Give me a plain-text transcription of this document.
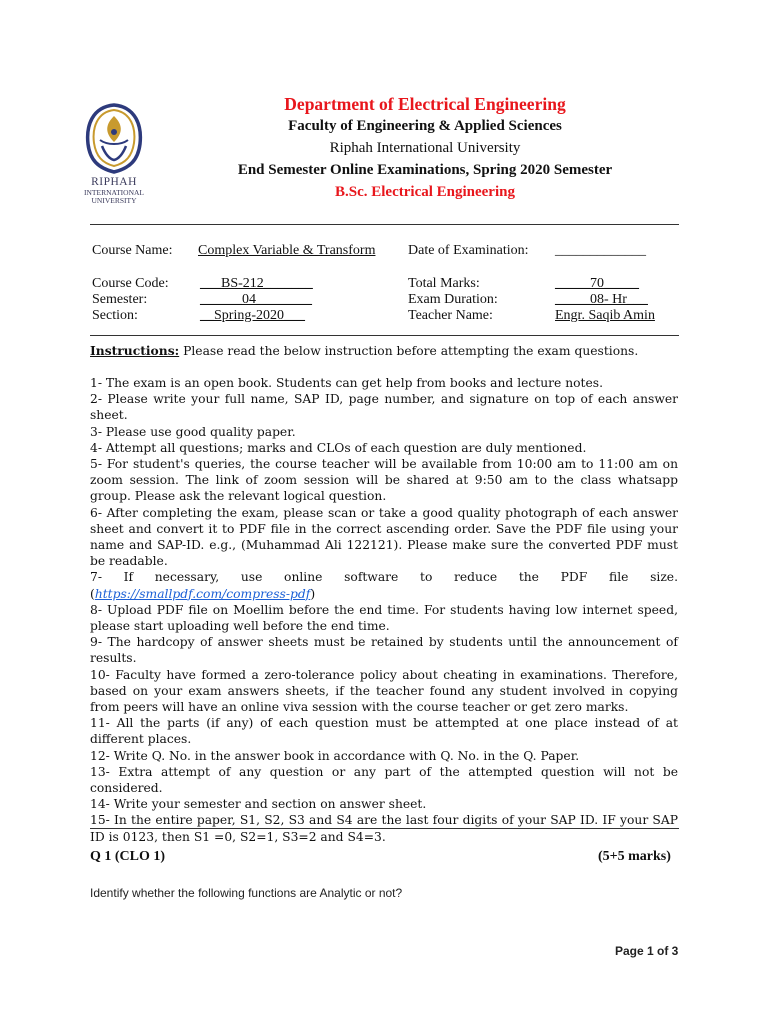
RIPHAH
INTERNATIONAL
UNIVERSITY
Department of Electrical Engineering
Faculty of Engineering & Applied Sciences
Riphah International University
End Semester Online Examinations, Spring 2020 Semester
B.Sc. Electrical Engineering
Course Name: Complex Variable & Transform Date of Examination: _____________
Course Code: ___BS-212_______	Total Marks:	_____70_____
Semester:	______04________	Exam Duration:	_____08- Hr___
Section:	__Spring-2020___	Teacher Name:	Engr. Saqib Amin
Instructions: Please read the below instruction before attempting the exam questions.

1- The exam is an open book. Students can get help from books and lecture notes.

2- Please write your full name, SAP ID, page number, and signature on top of each answer sheet.

3- Please use good quality paper.

4- Attempt all questions; marks and CLOs of each question are duly mentioned.

5- For student's queries, the course teacher will be available from 10:00 am to 11:00 am on zoom session. The link of zoom session will be shared at 9:50 am to the class whatsapp group. Please ask the relevant logical question.

6- After completing the exam, please scan or take a good quality photograph of each answer sheet and convert it to PDF file in the correct ascending order. Save the PDF file using your name and SAP-ID. e.g., (Muhammad Ali 122121). Please make sure the converted PDF must be readable.

7- If necessary, use online software to reduce the PDF file size. (https://smallpdf.com/compress-pdf)

8- Upload PDF file on Moellim before the end time. For students having low internet speed, please start uploading well before the end time.

9- The hardcopy of answer sheets must be retained by students until the announcement of results.

10- Faculty have formed a zero-tolerance policy about cheating in examinations. Therefore, based on your exam answers sheets, if the teacher found any student involved in copying from peers will have an online viva session with the course teacher or get zero marks.

11- All the parts (if any) of each question must be attempted at one place instead of at different places.

12- Write Q. No. in the answer book in accordance with Q. No. in the Q. Paper.

13- Extra attempt of any question or any part of the attempted question will not be considered.

14- Write your semester and section on answer sheet.

15- In the entire paper, S1, S2, S3 and S4 are the last four digits of your SAP ID. IF your SAP ID is 0123, then S1 =0, S2=1, S3=2 and S4=3.

Q 1 (CLO 1)	(5+5 marks)
Identify whether the following functions are Analytic or not?
Page 1 of 3
